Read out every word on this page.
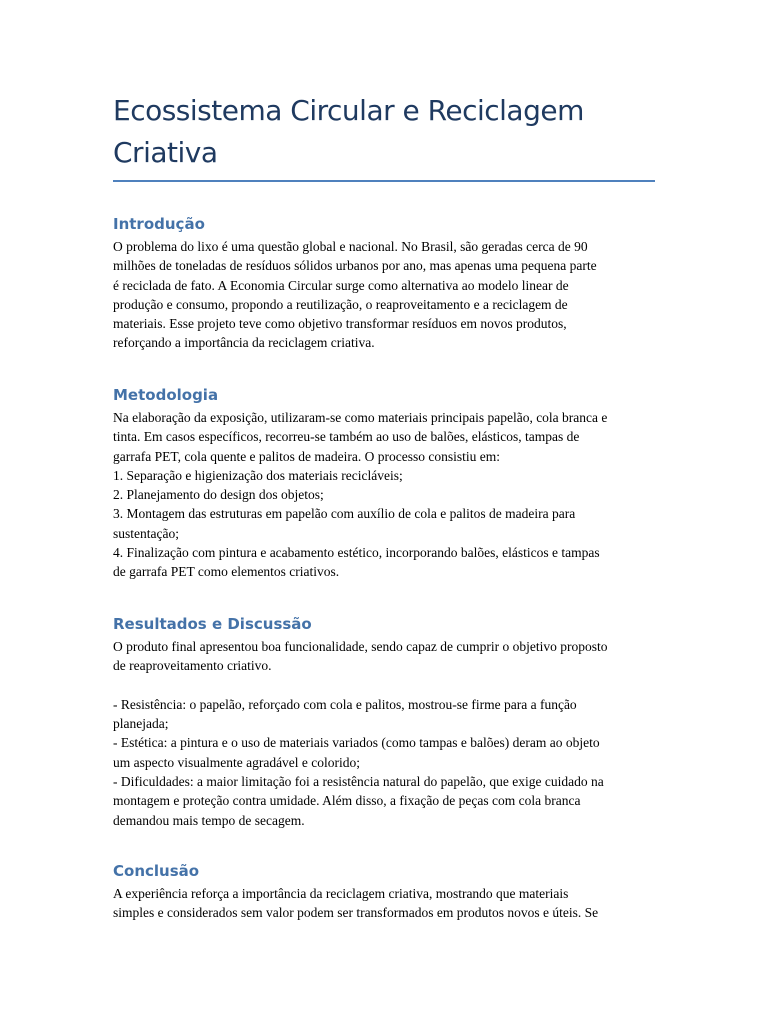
Ecossistema Circular e Reciclagem
Criativa
Introdução

O problema do lixo é uma questão global e nacional. No Brasil, são geradas cerca de 90
milhões de toneladas de resíduos sólidos urbanos por ano, mas apenas uma pequena parte
é reciclada de fato. A Economia Circular surge como alternativa ao modelo linear de
produção e consumo, propondo a reutilização, o reaproveitamento e a reciclagem de
materiais. Esse projeto teve como objetivo transformar resíduos em novos produtos,
reforçando a importância da reciclagem criativa.

Metodologia

Na elaboração da exposição, utilizaram-se como materiais principais papelão, cola branca e
tinta. Em casos específicos, recorreu-se também ao uso de balões, elásticos, tampas de
garrafa PET, cola quente e palitos de madeira. O processo consistiu em:
1. Separação e higienização dos materiais recicláveis;
2. Planejamento do design dos objetos;
3. Montagem das estruturas em papelão com auxílio de cola e palitos de madeira para
sustentação;
4. Finalização com pintura e acabamento estético, incorporando balões, elásticos e tampas
de garrafa PET como elementos criativos.

Resultados e Discussão

O produto final apresentou boa funcionalidade, sendo capaz de cumprir o objetivo proposto
de reaproveitamento criativo.
- Resistência: o papelão, reforçado com cola e palitos, mostrou-se firme para a função
planejada;
- Estética: a pintura e o uso de materiais variados (como tampas e balões) deram ao objeto
um aspecto visualmente agradável e colorido;
- Dificuldades: a maior limitação foi a resistência natural do papelão, que exige cuidado na
montagem e proteção contra umidade. Além disso, a fixação de peças com cola branca
demandou mais tempo de secagem.

Conclusão

A experiência reforça a importância da reciclagem criativa, mostrando que materiais
simples e considerados sem valor podem ser transformados em produtos novos e úteis. Se
